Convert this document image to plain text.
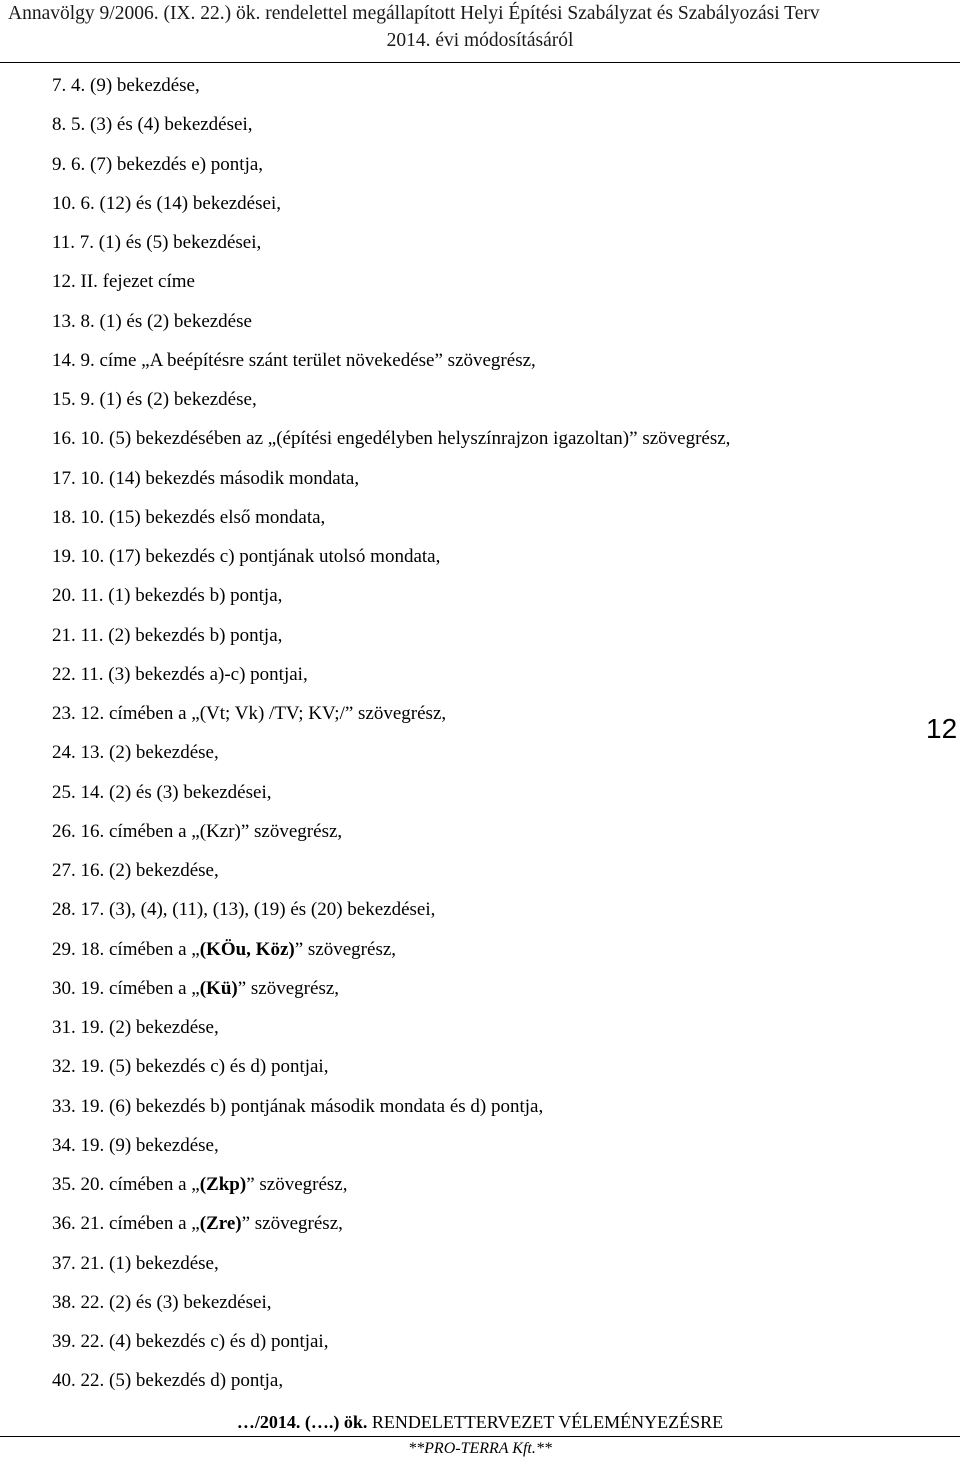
Annavölgy 9/2006. (IX. 22.) ök. rendelettel megállapított Helyi Építési Szabályzat és Szabályozási Terv
2014. évi módosításáról
7. 4. (9) bekezdése,
8. 5. (3) és (4) bekezdései,
9. 6. (7) bekezdés e) pontja,
10. 6. (12) és (14) bekezdései,
11. 7. (1) és (5) bekezdései,
12. II. fejezet címe
13. 8. (1) és (2) bekezdése
14. 9. címe „A beépítésre szánt terület növekedése” szövegrész,
15. 9. (1) és (2) bekezdése,
16. 10. (5) bekezdésében az „(építési engedélyben helyszínrajzon igazoltan)” szövegrész,
17. 10. (14) bekezdés második mondata,
18. 10. (15) bekezdés első mondata,
19. 10. (17) bekezdés c) pontjának utolsó mondata,
20. 11. (1) bekezdés b) pontja,
21. 11. (2) bekezdés b) pontja,
22. 11. (3) bekezdés a)-c) pontjai,
23. 12. címében a „(Vt; Vk) /TV; KV;/” szövegrész,
24. 13. (2) bekezdése,
25. 14. (2) és (3) bekezdései,
26. 16. címében a „(Kzr)” szövegrész,
27. 16. (2) bekezdése,
28. 17. (3), (4), (11), (13), (19) és (20) bekezdései,
29. 18. címében a „(KÖu, Köz)” szövegrész,
30. 19. címében a „(Kü)” szövegrész,
31. 19. (2) bekezdése,
32. 19. (5) bekezdés c) és d) pontjai,
33. 19. (6) bekezdés b) pontjának második mondata és d) pontja,
34. 19. (9) bekezdése,
35. 20. címében a „(Zkp)” szövegrész,
36. 21. címében a „(Zre)” szövegrész,
37. 21. (1) bekezdése,
38. 22. (2) és (3) bekezdései,
39. 22. (4) bekezdés c) és d) pontjai,
40. 22. (5) bekezdés d) pontja,
12
…/2014. (….) ök. RENDELETTERVEZET VÉLEMÉNYEZÉSRE
**PRO-TERRA Kft.**
